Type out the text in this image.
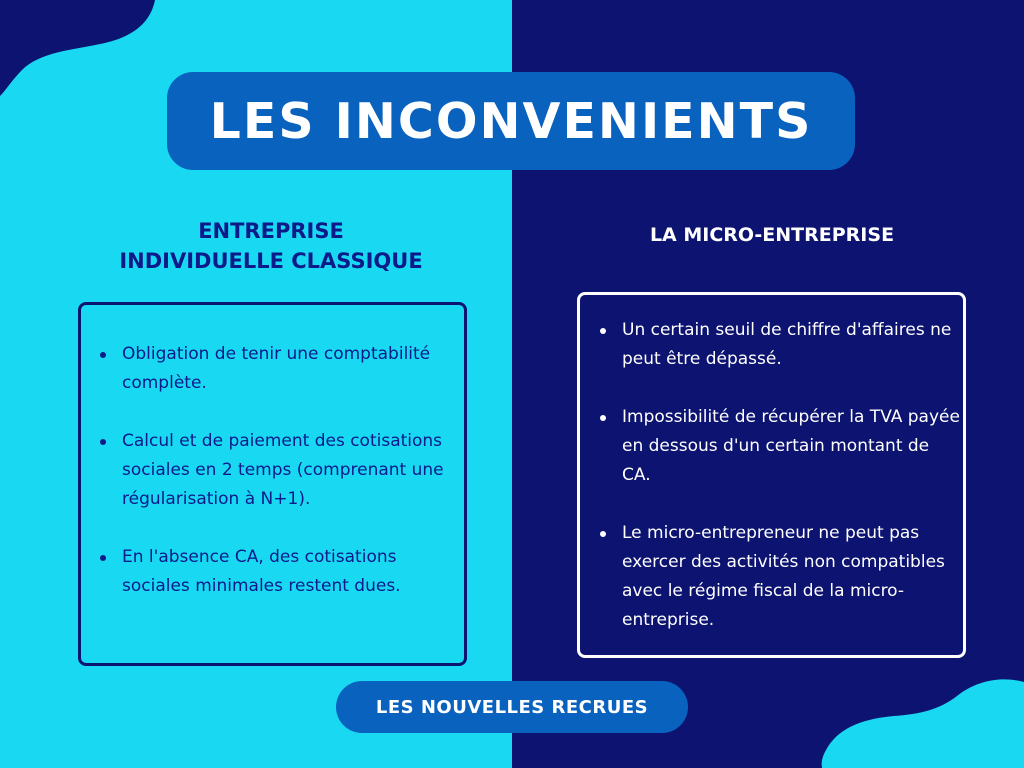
LES INCONVENIENTS
ENTREPRISE
INDIVIDUELLE CLASSIQUE
LA MICRO-ENTREPRISE
Obligation de tenir une comptabilité complète.
Calcul et de paiement des cotisations sociales en 2 temps (comprenant une régularisation à N+1).
En l'absence CA, des cotisations sociales minimales restent dues.
Un certain seuil de chiffre d'affaires ne peut être dépassé.
Impossibilité de récupérer la TVA payée en dessous d'un certain montant de CA.
Le micro-entrepreneur ne peut pas exercer des activités non compatibles avec le régime fiscal de la micro-entreprise.
LES NOUVELLES RECRUES
